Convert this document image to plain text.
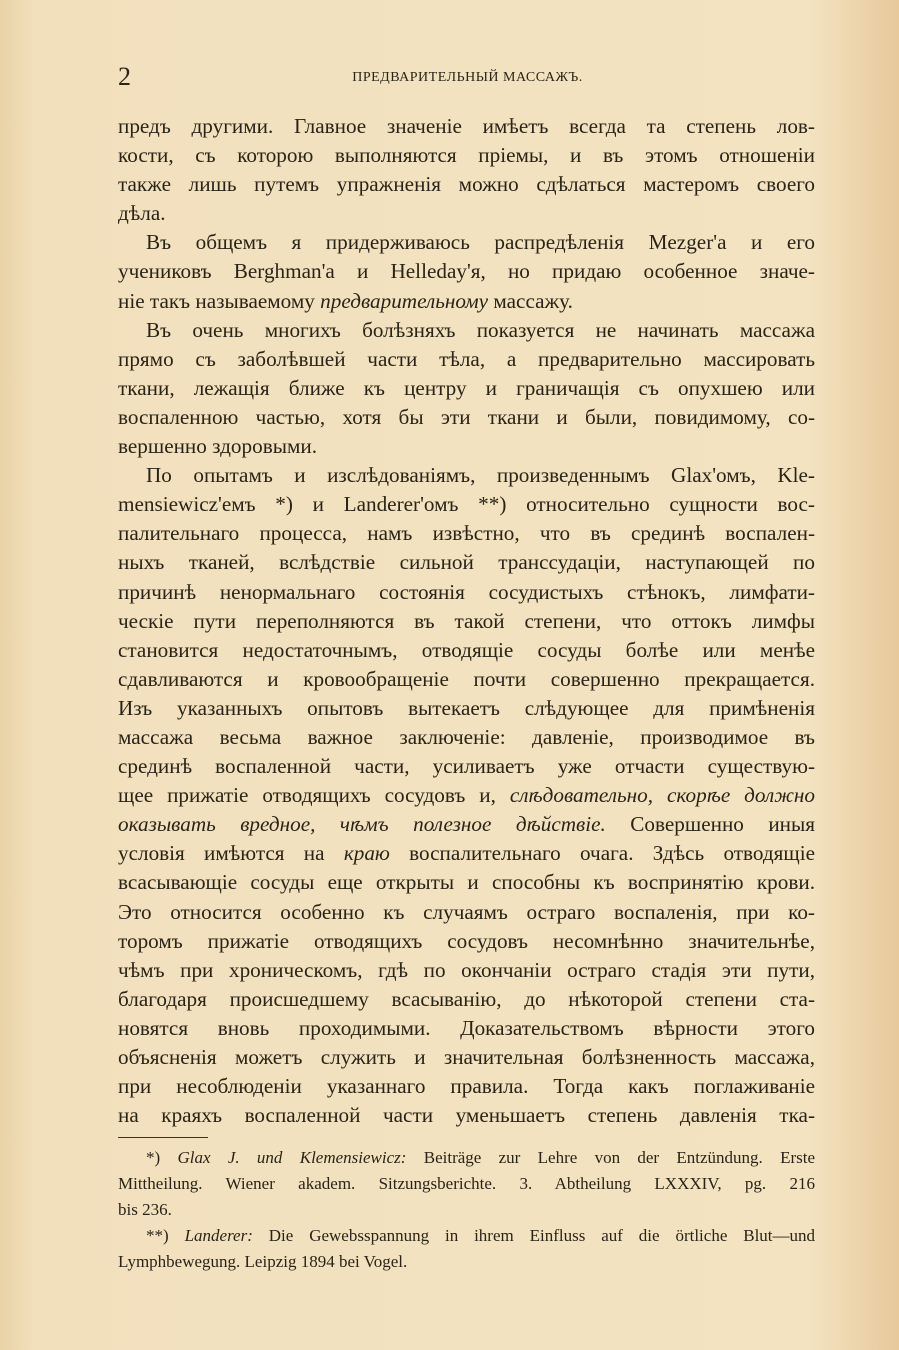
2	ПРЕДВАРИТЕЛЬНЫЙ МАССАЖЪ.
предъ другими. Главное значеніе имѣетъ всегда та степень лов-
кости, съ которою выполняются пріемы, и въ этомъ отношеніи
также лишь путемъ упражненія можно сдѣлаться мастеромъ своего
дѣла.
Въ общемъ я придерживаюсь распредѣленія Mezger'а и его
учениковъ Berghman'а и Helleday'я, но придаю особенное значе-
ніе такъ называемому предварительному массажу.
Въ очень многихъ болѣзняхъ показуется не начинать массажа
прямо съ заболѣвшей части тѣла, а предварительно массировать
ткани, лежащія ближе къ центру и граничащія съ опухшею или
воспаленною частью, хотя бы эти ткани и были, повидимому, со-
вершенно здоровыми.
По опытамъ и изслѣдованіямъ, произведеннымъ Glax'омъ, Kle-
mensiewicz'емъ *) и Landerer'омъ **) относительно сущности вос-
палительнаго процесса, намъ извѣстно, что въ срединѣ воспален-
ныхъ тканей, вслѣдствіе сильной транссудаціи, наступающей по
причинѣ ненормальнаго состоянія сосудистыхъ стѣнокъ, лимфати-
ческіе пути переполняются въ такой степени, что оттокъ лимфы
становится недостаточнымъ, отводящіе сосуды болѣе или менѣе
сдавливаются и кровообращеніе почти совершенно прекращается.
Изъ указанныхъ опытовъ вытекаетъ слѣдующее для примѣненія
массажа весьма важное заключеніе: давленіе, производимое въ
срединѣ воспаленной части, усиливаетъ уже отчасти существую-
щее прижатіе отводящихъ сосудовъ и, слѣдовательно, скорѣе должно
оказывать вредное, чѣмъ полезное дѣйствіе. Совершенно иныя
условія имѣются на краю воспалительнаго очага. Здѣсь отводящіе
всасывающіе сосуды еще открыты и способны къ воспринятію крови.
Это относится особенно къ случаямъ остраго воспаленія, при ко-
торомъ прижатіе отводящихъ сосудовъ несомнѣнно значительнѣе,
чѣмъ при хроническомъ, гдѣ по окончаніи остраго стадія эти пути,
благодаря происшедшему всасыванію, до нѣкоторой степени ста-
новятся вновь проходимыми. Доказательствомъ вѣрности этого
объясненія можетъ служить и значительная болѣзненность массажа,
при несоблюденіи указаннаго правила. Тогда какъ поглаживаніе
на краяхъ воспаленной части уменьшаетъ степень давленія тка-
*) Glax J. und Klemensiewicz: Beiträge zur Lehre von der Entzündung. Erste
Mittheilung. Wiener akadem. Sitzungsberichte. 3. Abtheilung LXXXIV, pg. 216
bis 236.
**) Landerer: Die Gewebsspannung in ihrem Einfluss auf die örtliche Blut—und
Lymphbewegung. Leipzig 1894 bei Vogel.
